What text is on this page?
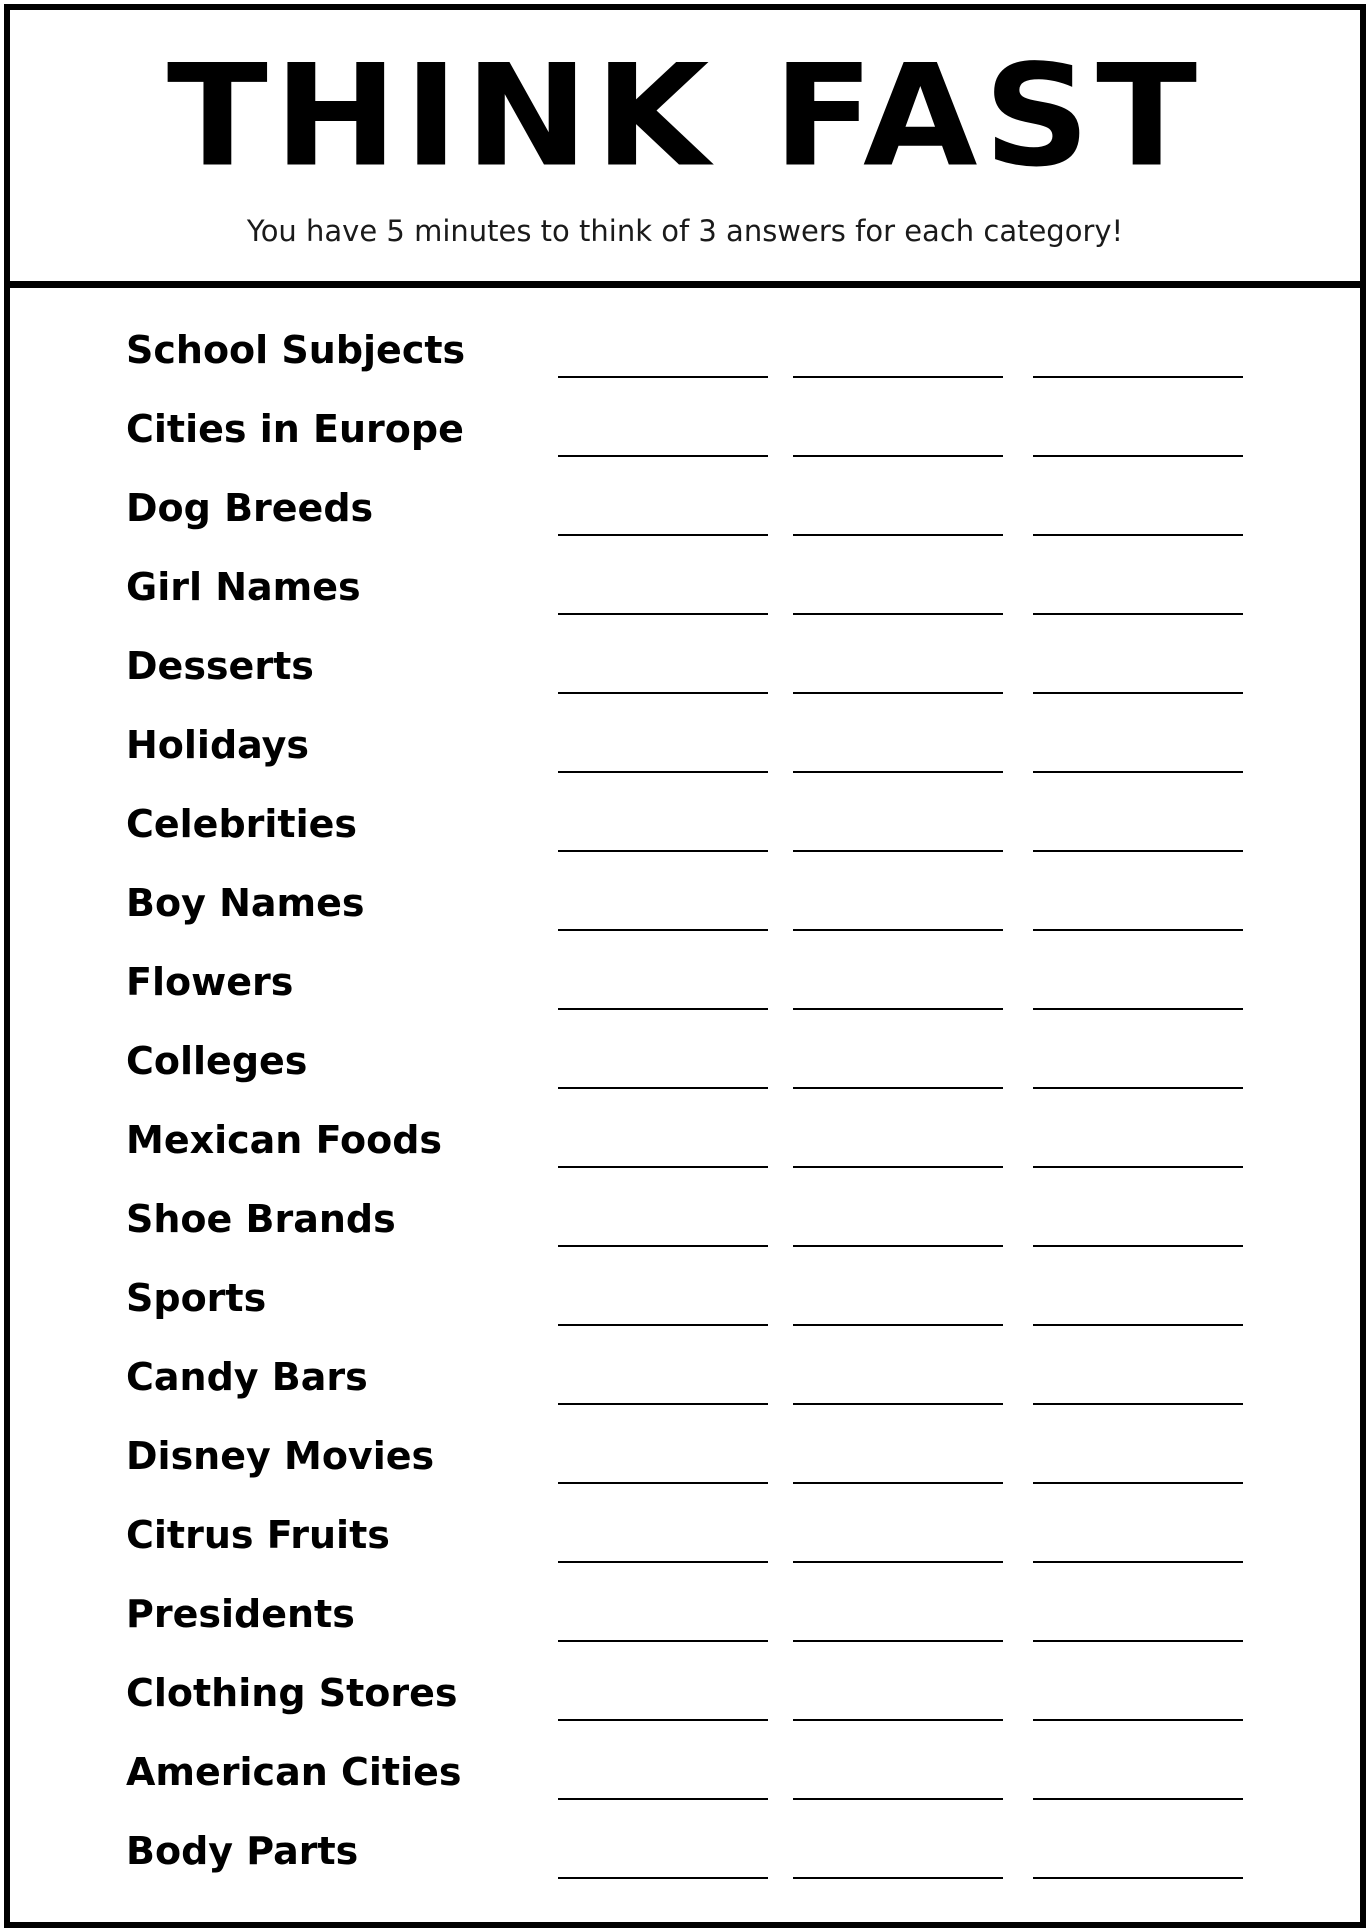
THINK FAST
You have 5 minutes to think of 3 answers for each category!
School Subjects
Cities in Europe
Dog Breeds
Girl Names
Desserts
Holidays
Celebrities
Boy Names
Flowers
Colleges
Mexican Foods
Shoe Brands
Sports
Candy Bars
Disney Movies
Citrus Fruits
Presidents
Clothing Stores
American Cities
Body Parts
